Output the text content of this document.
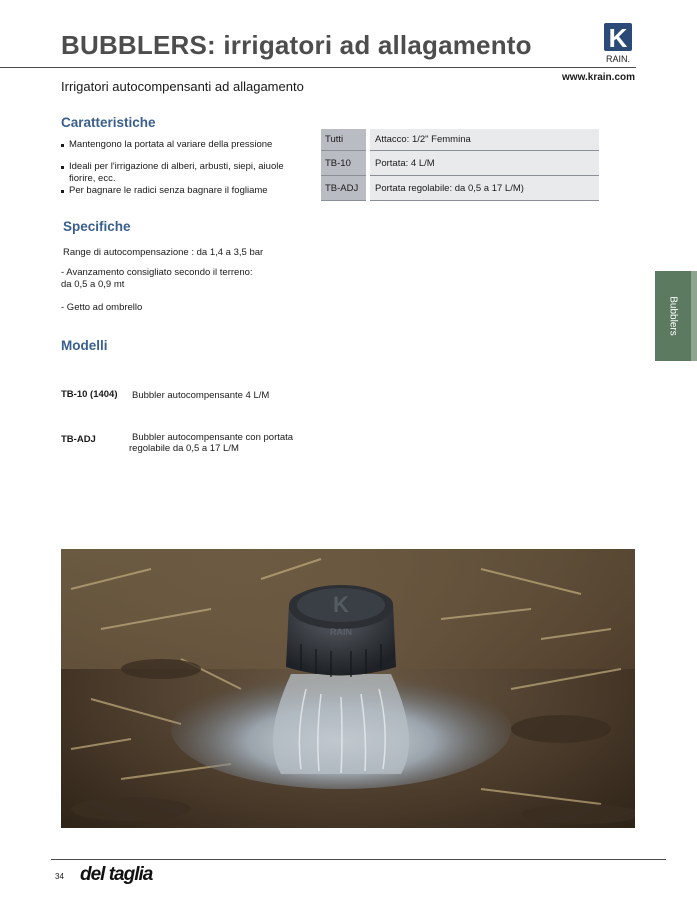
BUBBLERS: irrigatori ad allagamento	K
RAIN.
www.krain.com
Irrigatori autocompensanti ad allagamento
Caratteristiche
Mantengono la portata al variare della pressione
Ideali per l'irrigazione di alberi, arbusti, siepi, aiuole fiorire, ecc.
Per bagnare le radici senza bagnare il fogliame
Tutti	Attacco: 1/2" Femmina
TB-10	Portata: 4 L/M
TB-ADJ	Portata regolabile: da 0,5 a 17 L/M)
Specifiche
Range di autocompensazione : da 1,4 a 3,5 bar
- Avanzamento consigliato secondo il terreno:
da 0,5 a 0,9 mt
- Getto ad ombrello
Modelli
TB-10 (1404) Bubbler autocompensante 4 L/M
TB-ADJ	Bubbler autocompensante con portata
regolabile da 0,5 a 17 L/M
Bubblers
K
RAIN
34 del taglia
